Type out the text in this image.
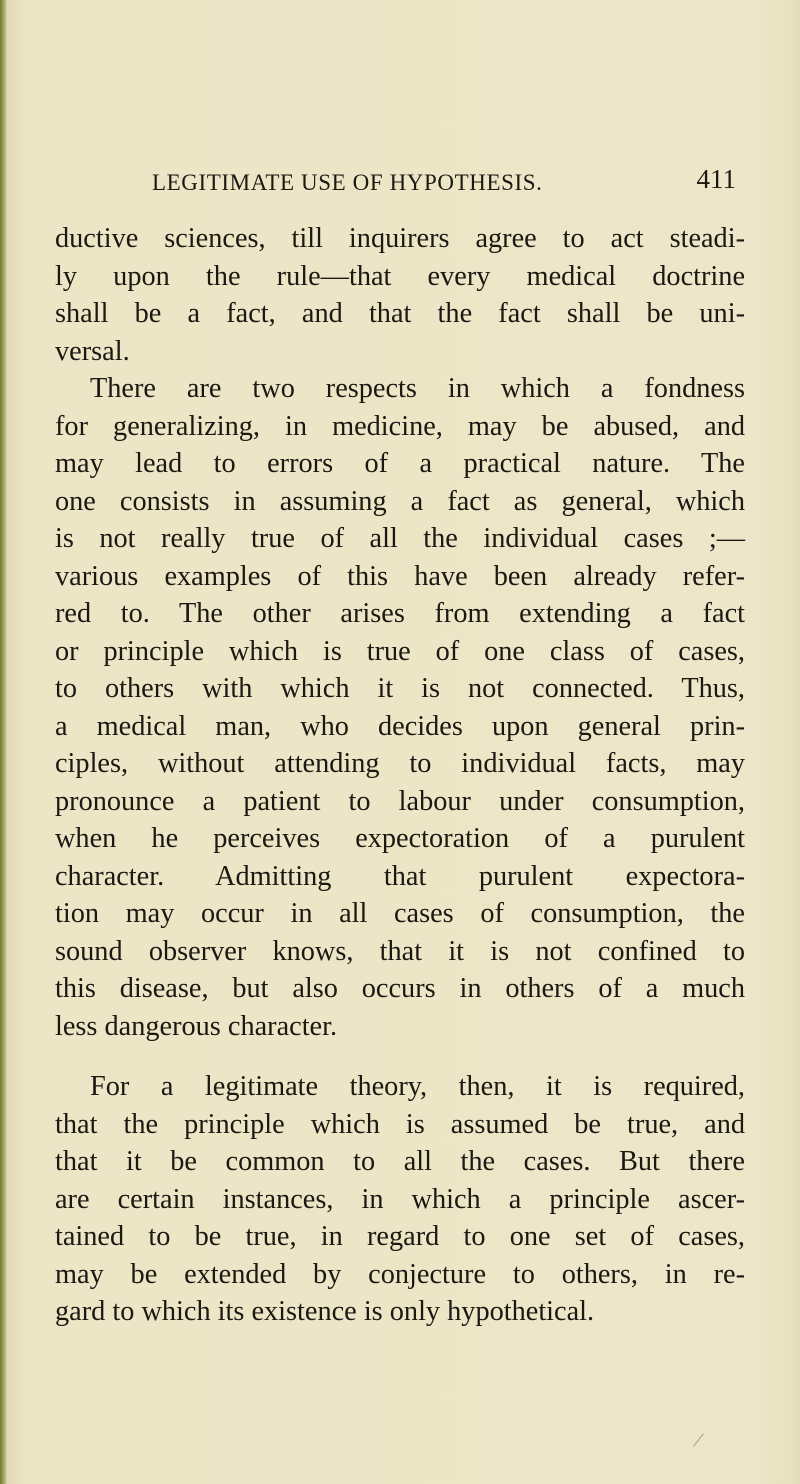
LEGITIMATE USE OF HYPOTHESIS.	411
ductive sciences, till inquirers agree to act steadi-
ly upon the rule—that every medical doctrine
shall be a fact, and that the fact shall be uni-
versal.
There are two respects in which a fondness
for generalizing, in medicine, may be abused, and
may lead to errors of a practical nature. The
one consists in assuming a fact as general, which
is not really true of all the individual cases ;—
various examples of this have been already refer-
red to. The other arises from extending a fact
or principle which is true of one class of cases,
to others with which it is not connected. Thus,
a medical man, who decides upon general prin-
ciples, without attending to individual facts, may
pronounce a patient to labour under consumption,
when he perceives expectoration of a purulent
character. Admitting that purulent expectora-
tion may occur in all cases of consumption, the
sound observer knows, that it is not confined to
this disease, but also occurs in others of a much
less dangerous character.
For a legitimate theory, then, it is required,
that the principle which is assumed be true, and
that it be common to all the cases. But there
are certain instances, in which a principle ascer-
tained to be true, in regard to one set of cases,
may be extended by conjecture to others, in re-
gard to which its existence is only hypothetical.
